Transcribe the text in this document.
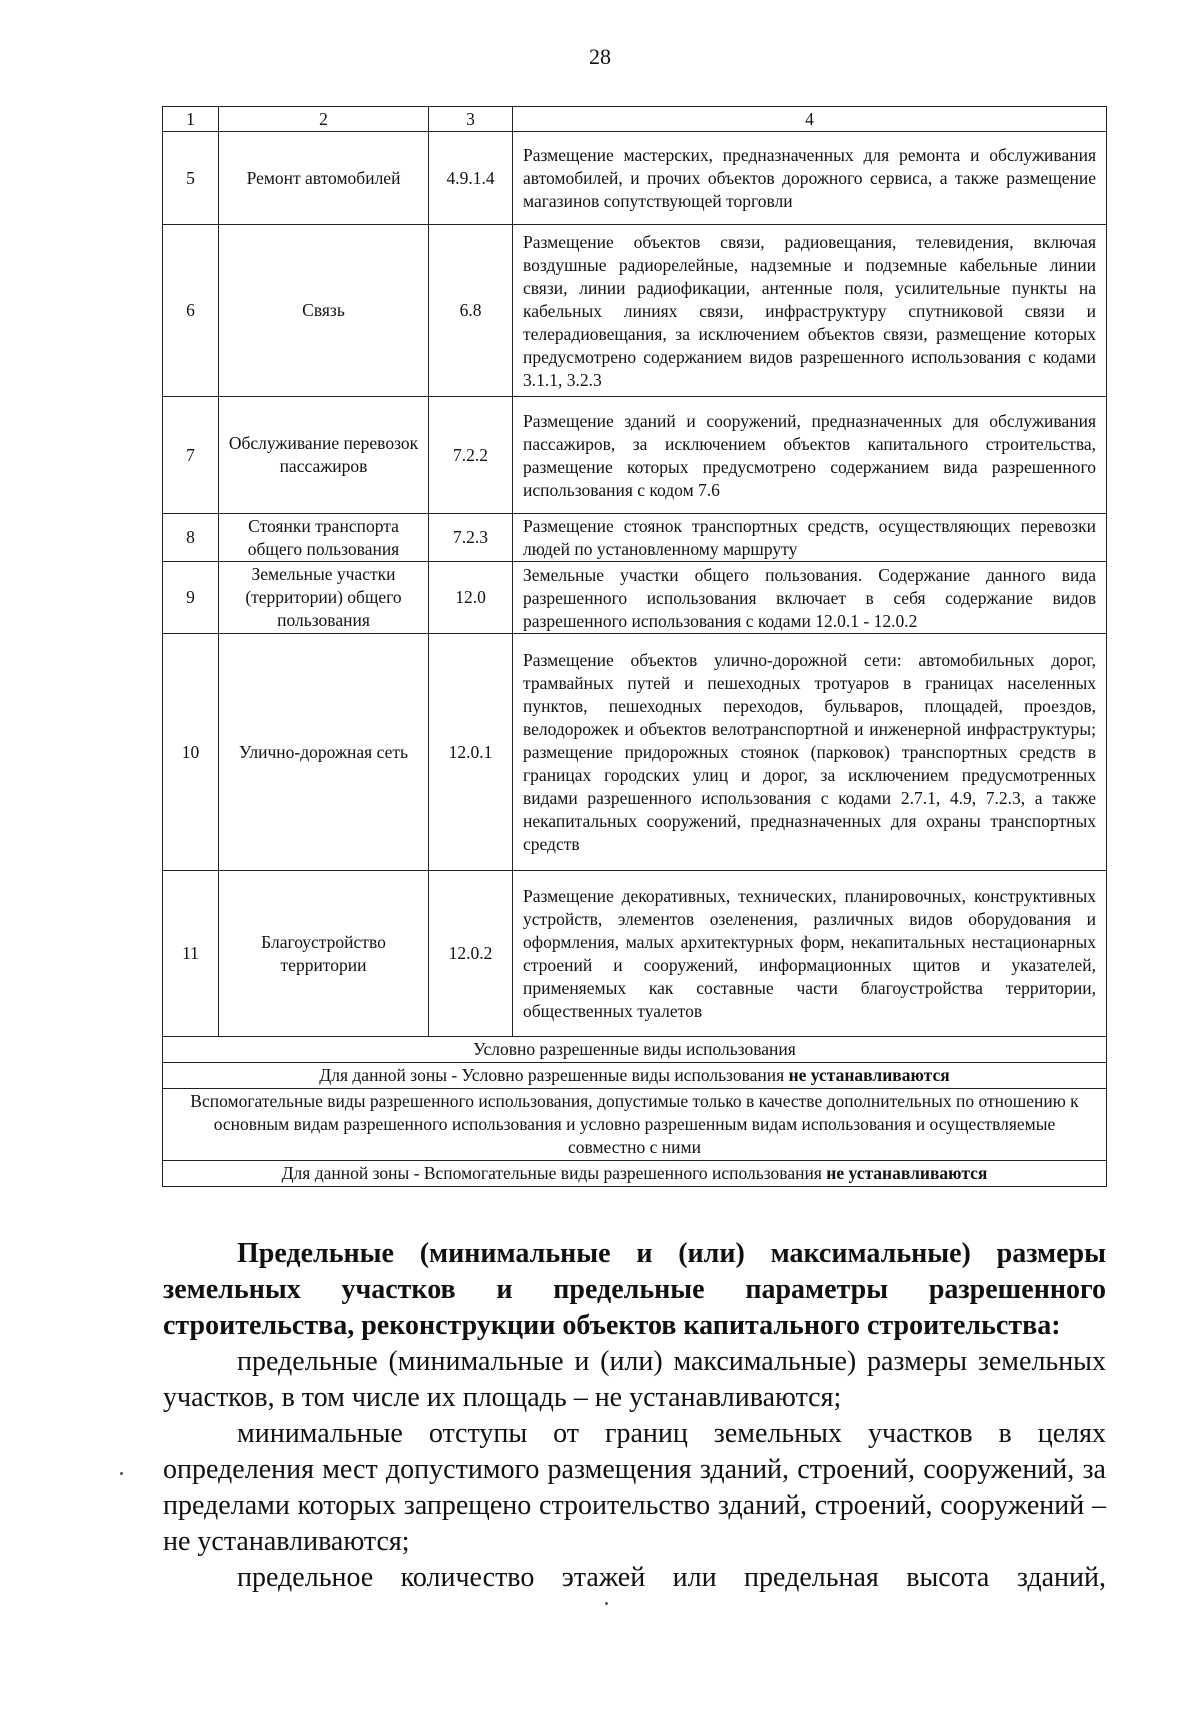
28
1	2	3	4
5	Ремонт автомобилей	4.9.1.4	Размещение мастерских, предназначенных для ремонта и обслуживания автомобилей, и прочих объектов дорожного сервиса, а также размещение магазинов сопутствующей торговли
6	Связь	6.8	Размещение объектов связи, радиовещания, телевидения, включая воздушные радиорелейные, надземные и подземные кабельные линии связи, линии радиофикации, антенные поля, усилительные пункты на кабельных линиях связи, инфраструктуру спутниковой связи и телерадиовещания, за исключением объектов связи, размещение которых предусмотрено содержанием видов разрешенного использования с кодами 3.1.1, 3.2.3
7	Обслуживание перевозок пассажиров	7.2.2	Размещение зданий и сооружений, предназначенных для обслуживания пассажиров, за исключением объектов капитального строительства, размещение которых предусмотрено содержанием вида разрешенного использования с кодом 7.6
8	Стоянки транспорта общего пользования	7.2.3	Размещение стоянок транспортных средств, осуществляющих перевозки людей по установленному маршруту
9	Земельные участки (территории) общего пользования	12.0	Земельные участки общего пользования. Содержание данного вида разрешенного использования включает в себя содержание видов разрешенного использования с кодами 12.0.1 - 12.0.2
10	Улично-дорожная сеть	12.0.1	Размещение объектов улично-дорожной сети: автомобильных дорог, трамвайных путей и пешеходных тротуаров в границах населенных пунктов, пешеходных переходов, бульваров, площадей, проездов, велодорожек и объектов велотранспортной и инженерной инфраструктуры; размещение придорожных стоянок (парковок) транспортных средств в границах городских улиц и дорог, за исключением предусмотренных видами разрешенного использования с кодами 2.7.1, 4.9, 7.2.3, а также некапитальных сооружений, предназначенных для охраны транспортных средств
11	Благоустройство территории	12.0.2	Размещение декоративных, технических, планировочных, конструктивных устройств, элементов озеленения, различных видов оборудования и оформления, малых архитектурных форм, некапитальных нестационарных строений и сооружений, информационных щитов и указателей, применяемых как составные части благоустройства территории, общественных туалетов
Условно разрешенные виды использования			
Для данной зоны - Условно разрешенные виды использования не устанавливаются			
Вспомогательные виды разрешенного использования, допустимые только в качестве дополнительных по отношению к основным видам разрешенного использования и условно разрешенным видам использования и осуществляемые совместно с ними			
Для данной зоны - Вспомогательные виды разрешенного использования не устанавливаются			

Предельные (минимальные и (или) максимальные) размеры земельных участков и предельные параметры разрешенного строительства, реконструкции объектов капитального строительства:

предельные (минимальные и (или) максимальные) размеры земельных участков, в том числе их площадь – не устанавливаются;

минимальные отступы от границ земельных участков в целях определения мест допустимого размещения зданий, строений, сооружений, за пределами которых запрещено строительство зданий, строений, сооружений – не устанавливаются;

предельное количество этажей или предельная высота зданий,
